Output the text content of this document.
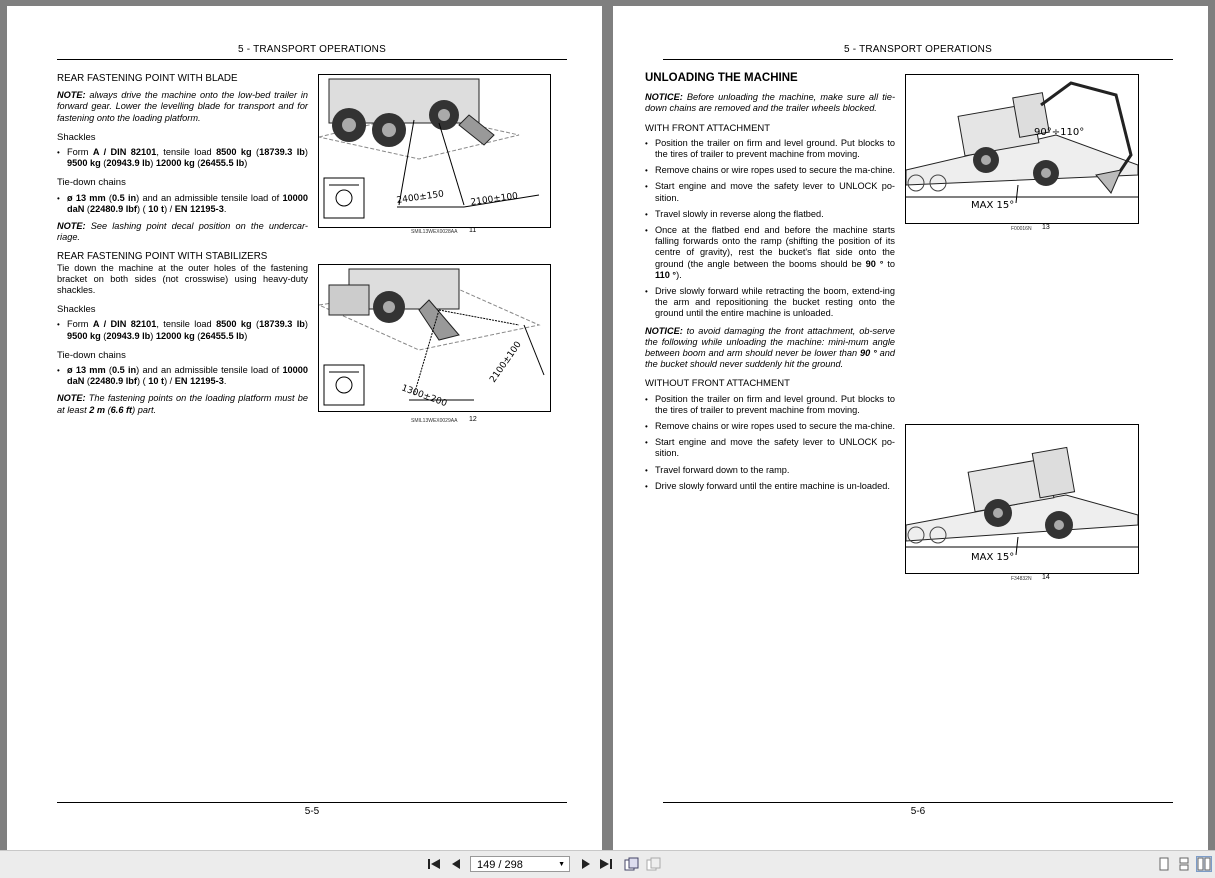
5 - TRANSPORT OPERATIONS
REAR FASTENING POINT WITH BLADE

NOTE: always drive the machine onto the low-bed trailer in forward gear. Lower the levelling blade for transport and for fastening onto the loading platform.

Shackles
• Form A / DIN 82101, tensile load 8500 kg (18739.3 lb) 9500 kg (20943.9 lb) 12000 kg (26455.5 lb)
Tie-down chains
• ø 13 mm (0.5 in) and an admissible tensile load of 10000 daN (22480.9 lbf) ( 10 t) / EN 12195-3.

NOTE: See lashing point decal position on the undercar-riage.

REAR FASTENING POINT WITH STABILIZERS

Tie down the machine at the outer holes of the fastening bracket on both sides (not crosswise) using heavy-duty shackles.

Shackles
• Form A / DIN 82101, tensile load 8500 kg (18739.3 lb) 9500 kg (20943.9 lb) 12000 kg (26455.5 lb)
Tie-down chains
• ø 13 mm (0.5 in) and an admissible tensile load of 10000 daN (22480.9 lbf) ( 10 t) / EN 12195-3.

NOTE: The fastening points on the loading platform must be at least 2 m (6.6 ft) part.

2400±150	2100±100
SMIL13WEX0028AA 11
1300±200
2100±100
SMIL13WEX0029AA 12
5-5
5 - TRANSPORT OPERATIONS
UNLOADING THE MACHINE

NOTICE: Before unloading the machine, make sure all tie-down chains are removed and the trailer wheels blocked.

WITH FRONT ATTACHMENT
• Position the trailer on firm and level ground. Put blocks to the tires of trailer to prevent machine from moving.
• Remove chains or wire ropes used to secure the ma-chine.
• Start engine and move the safety lever to UNLOCK po-sition.
• Travel slowly in reverse along the flatbed.
• Once at the flatbed end and before the machine starts falling forwards onto the ramp (shifting the position of its centre of gravity), rest the bucket's flat side onto the ground (the angle between the booms should be 90 ° to 110 °).
• Drive slowly forward while retracting the boom, extend-ing the arm and repositioning the bucket resting onto the ground until the entire machine is unloaded.

NOTICE: to avoid damaging the front attachment, ob-serve the following while unloading the machine: mini-mum angle between boom and arm should never be lower than 90 ° and the bucket should never suddenly hit the ground.

WITHOUT FRONT ATTACHMENT
• Position the trailer on firm and level ground. Put blocks to the tires of trailer to prevent machine from moving.
• Remove chains or wire ropes used to secure the ma-chine.
• Start engine and move the safety lever to UNLOCK po-sition.
• Travel forward down to the ramp.
• Drive slowly forward until the entire machine is un-loaded.
90°÷110°
MAX 15°
F00016N 13
MAX 15°
F34832N 14
5-6
149 / 298	▼
